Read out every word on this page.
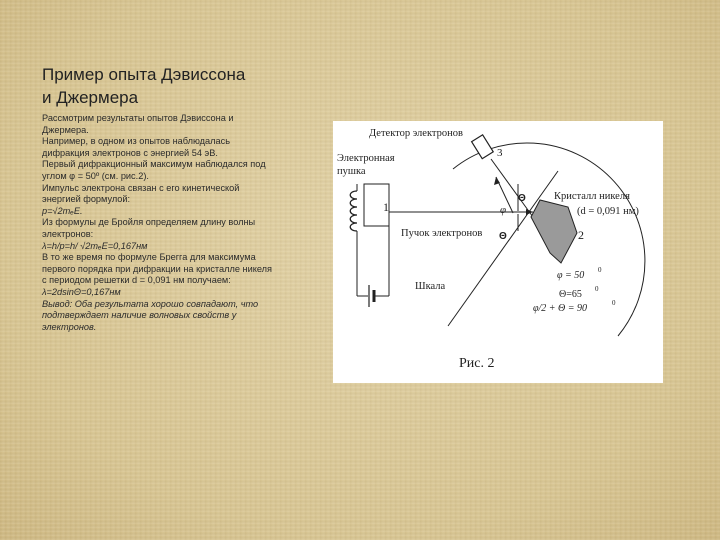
Пример опыта Дэвиссона
и Джермера

Рассмотрим результаты опытов Дэвиссона и Джермера.

Например, в одном из опытов наблюдалась дифракция электронов с энергией 54 эВ.

Первый дифракционный максимум наблюдался под углом φ = 50º (см. рис.2).

Импульс электрона связан с его кинетической энергией формулой:

p=√2mₑE.

Из формулы де Бройля определяем длину волны электронов:

λ=h/p=h/ √2mₑE=0,167нм

В то же время по формуле Брегга для максимума первого порядка при дифракции на кристалле никеля с периодом решетки d = 0,091 нм получаем:

λ=2dsinΘ=0,167нм

Вывод: Оба результата хорошо совпадают, что подтверждает наличие волновых свойств у электронов.

Детектор электронов
Электронная
пушка
Кристалл никеля
(d = 0,091 нм)
Пучок электронов
Шкала
1
2
3
φ
Θ
Θ
φ = 50 0
Θ=65 0
φ/2 + Θ = 90	0
Рис. 2
